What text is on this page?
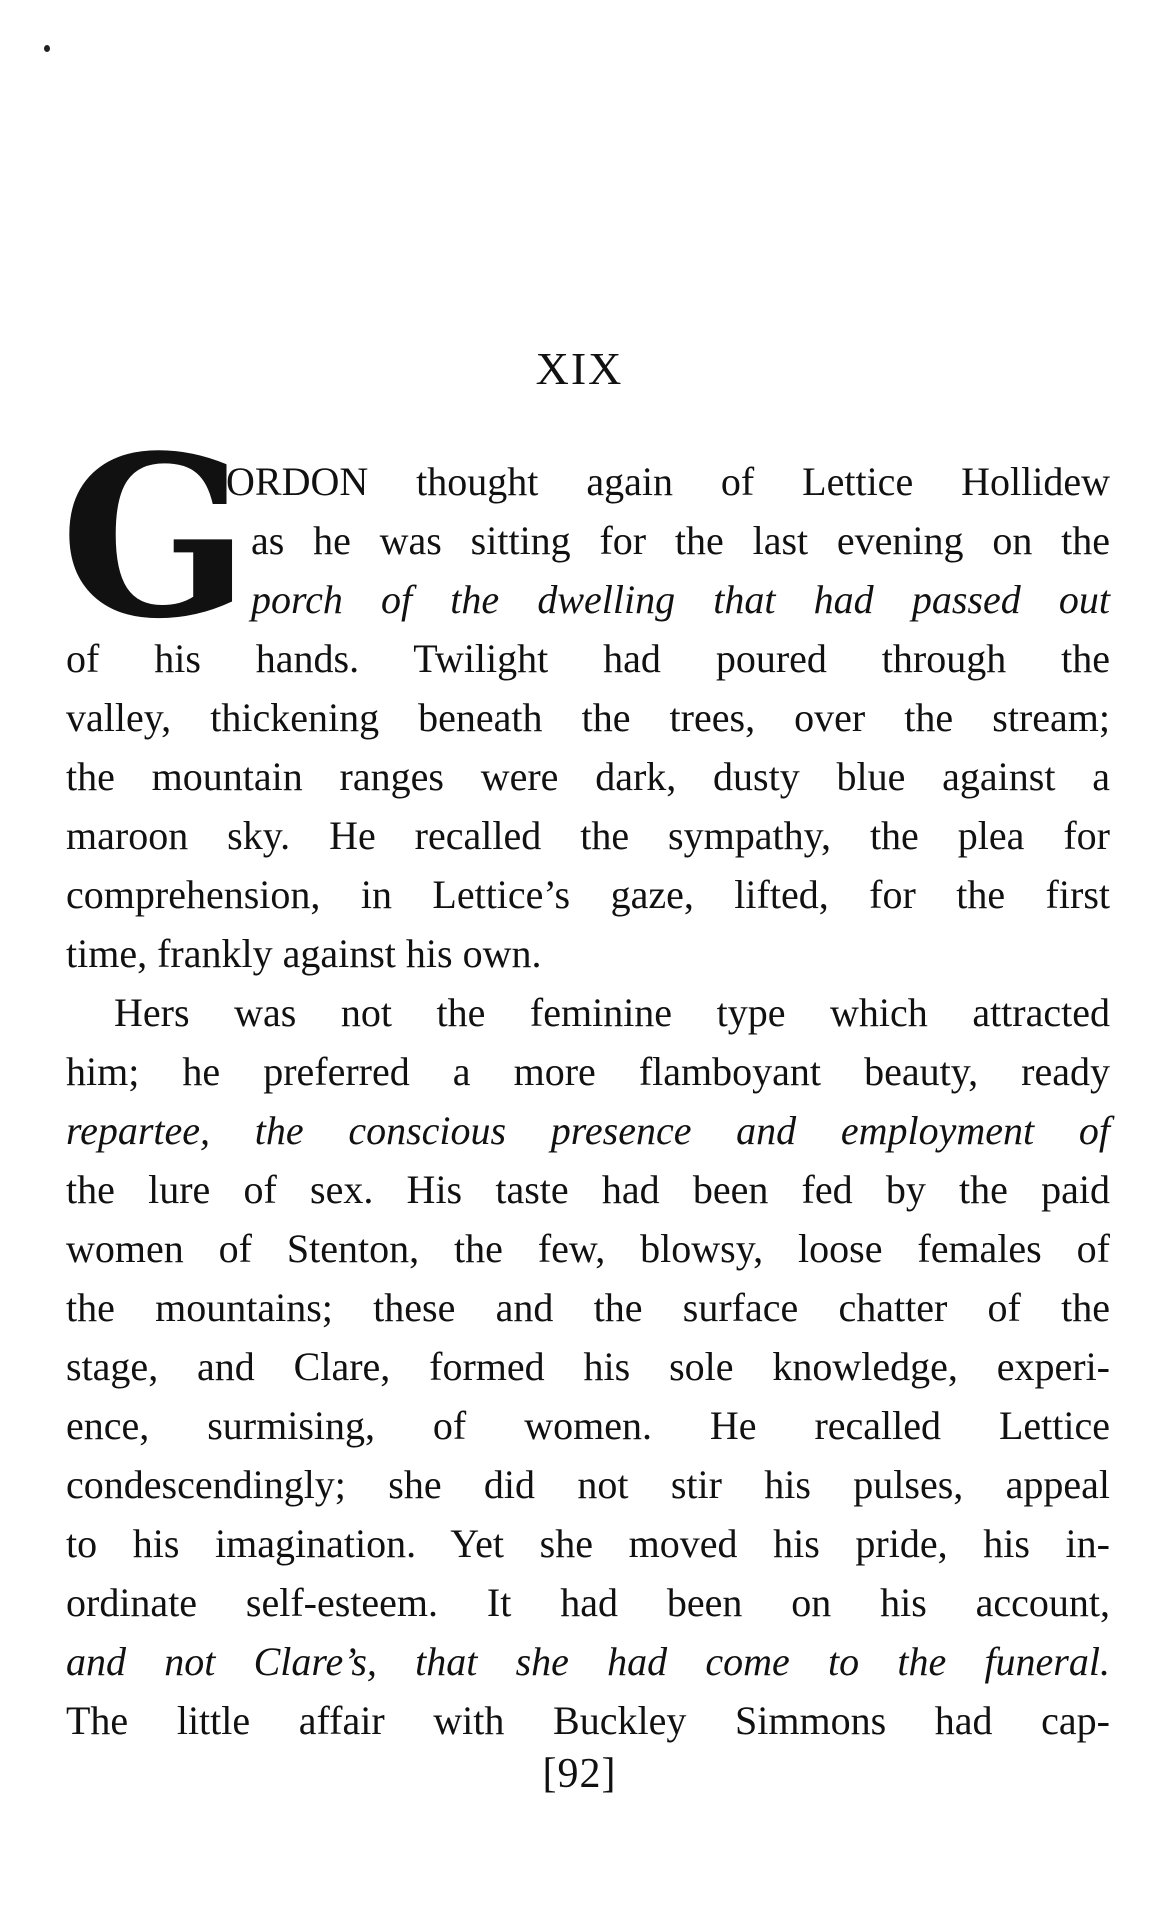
XIX
G
ORDON thought again of Lettice Hollidew
as he was sitting for the last evening on the
porch of the dwelling that had passed out
of his hands. Twilight had poured through the
valley, thickening beneath the trees, over the stream;
the mountain ranges were dark, dusty blue against a
maroon sky. He recalled the sympathy, the plea for
comprehension, in Lettice’s gaze, lifted, for the first
time, frankly against his own.
Hers was not the feminine type which attracted
him; he preferred a more flamboyant beauty, ready
repartee, the conscious presence and employment of
the lure of sex. His taste had been fed by the paid
women of Stenton, the few, blowsy, loose females of
the mountains; these and the surface chatter of the
stage, and Clare, formed his sole knowledge, experi-
ence, surmising, of women. He recalled Lettice
condescendingly; she did not stir his pulses, appeal
to his imagination. Yet she moved his pride, his in-
ordinate self-esteem. It had been on his account,
and not Clare’s, that she had come to the funeral.
The little affair with Buckley Simmons had cap-
[92]
